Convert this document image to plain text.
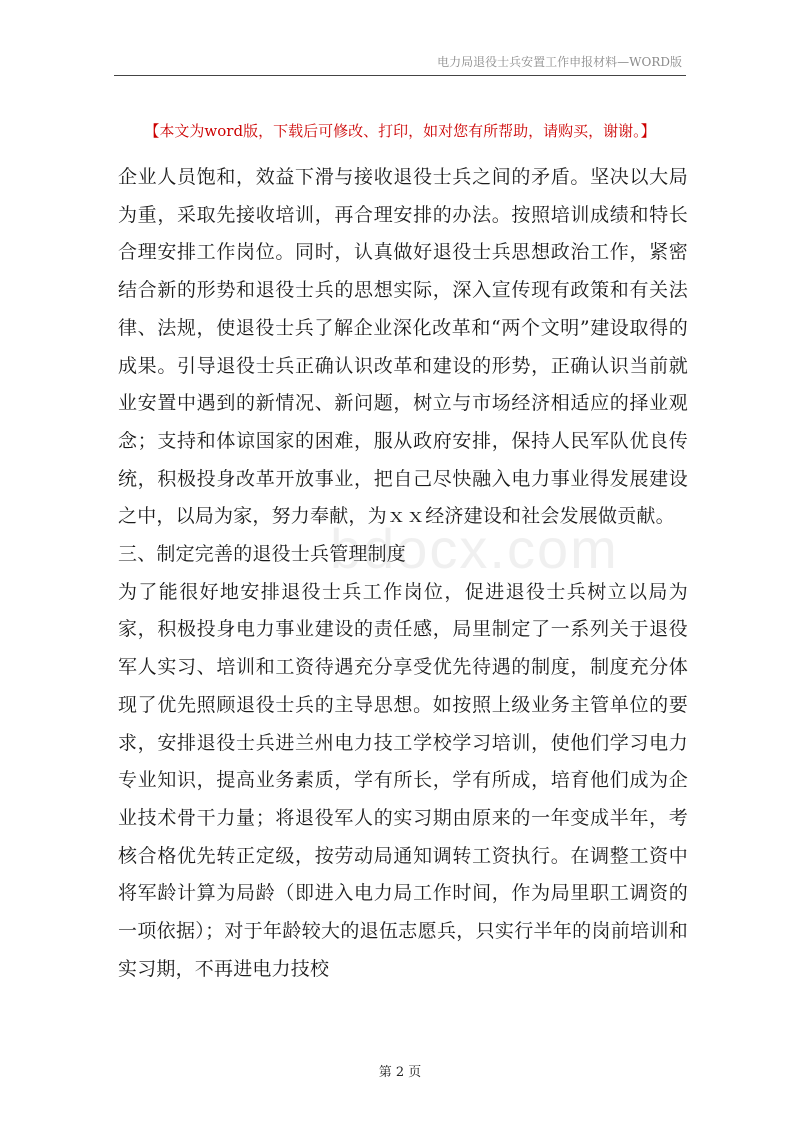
电力局退役士兵安置工作申报材料—WORD版
【本文为word版，下载后可修改、打印，如对您有所帮助，请购买，谢谢。】
bdocx.com

企业人员饱和，效益下滑与接收退役士兵之间的矛盾。坚决以大局为重，采取先接收培训，再合理安排的办法。按照培训成绩和特长合理安排工作岗位。同时，认真做好退役士兵思想政治工作，紧密结合新的形势和退役士兵的思想实际，深入宣传现有政策和有关法律、法规，使退役士兵了解企业深化改革和“两个文明”建设取得的成果。引导退役士兵正确认识改革和建设的形势，正确认识当前就业安置中遇到的新情况、新问题，树立与市场经济相适应的择业观念；支持和体谅国家的困难，服从政府安排，保持人民军队优良传统，积极投身改革开放事业，把自己尽快融入电力事业得发展建设之中，以局为家，努力奉献，为ｘｘ经济建设和社会发展做贡献。

三、制定完善的退役士兵管理制度

为了能很好地安排退役士兵工作岗位，促进退役士兵树立以局为家，积极投身电力事业建设的责任感，局里制定了一系列关于退役军人实习、培训和工资待遇充分享受优先待遇的制度，制度充分体现了优先照顾退役士兵的主导思想。如按照上级业务主管单位的要求，安排退役士兵进兰州电力技工学校学习培训，使他们学习电力专业知识，提高业务素质，学有所长，学有所成，培育他们成为企业技术骨干力量；将退役军人的实习期由原来的一年变成半年，考核合格优先转正定级，按劳动局通知调转工资执行。在调整工资中将军龄计算为局龄（即进入电力局工作时间，作为局里职工调资的一项依据）；对于年龄较大的退伍志愿兵，只实行半年的岗前培训和实习期，不再进电力技校

第 2 页
